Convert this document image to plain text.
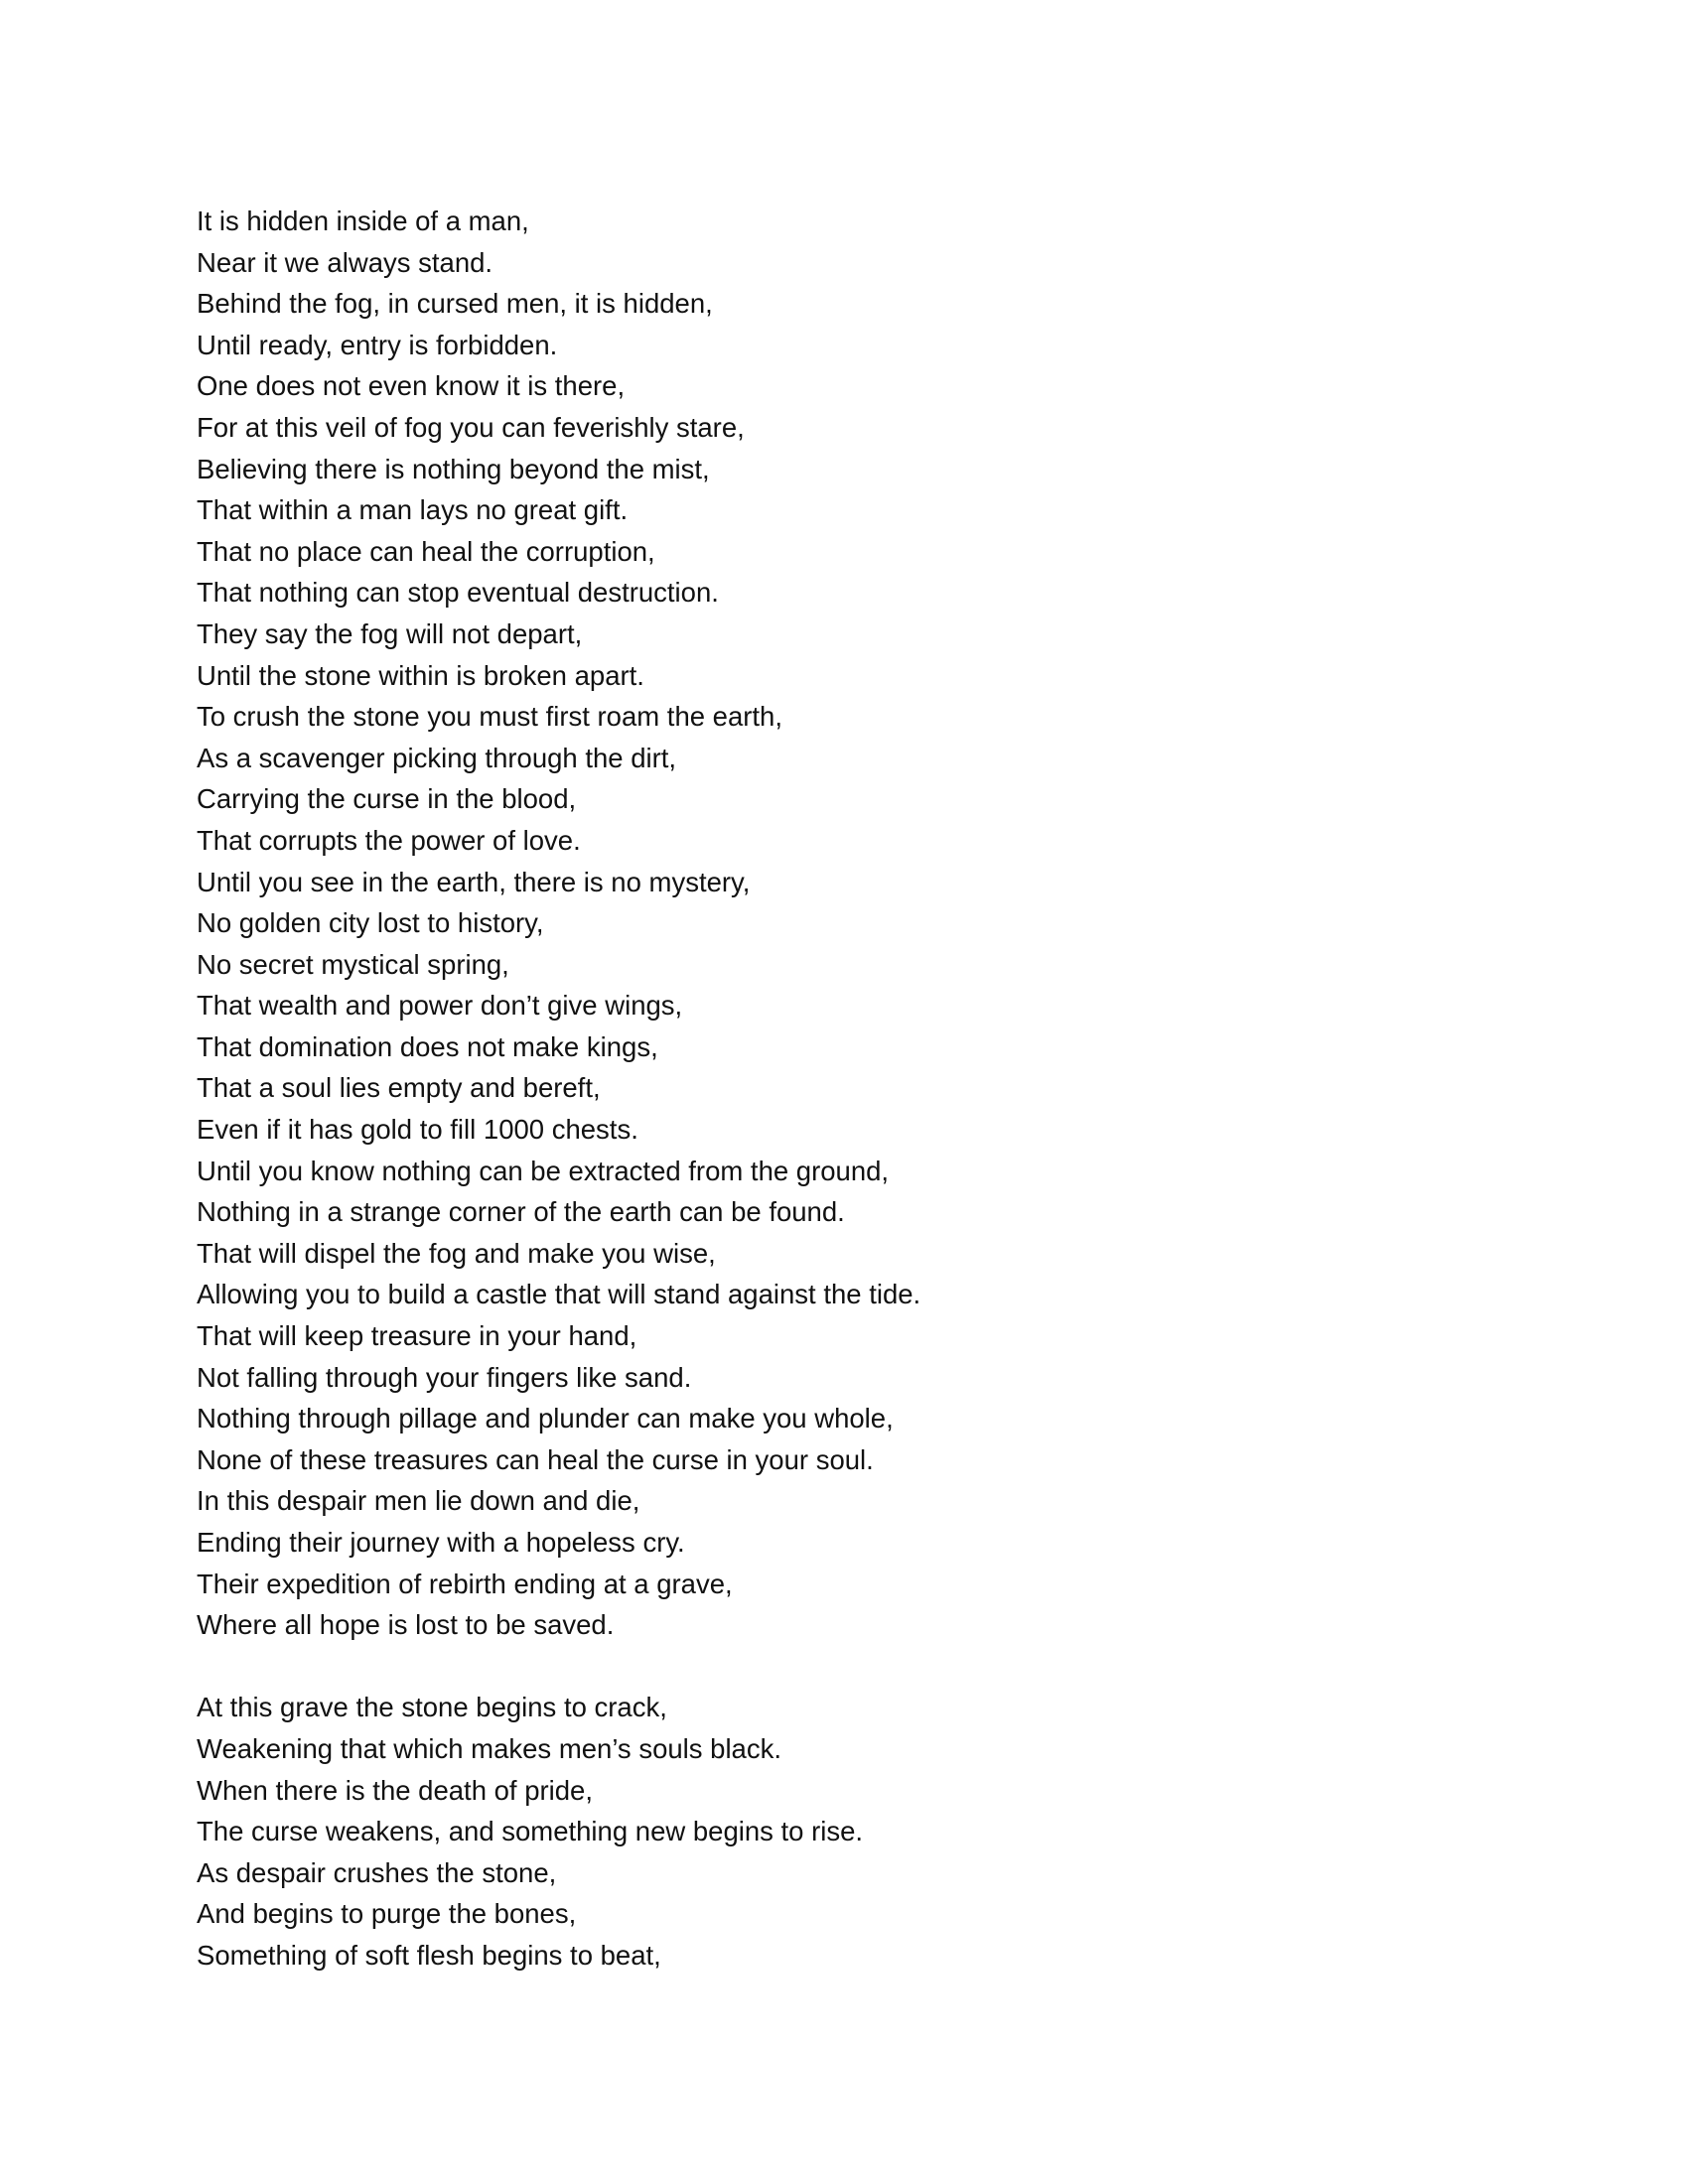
It is hidden inside of a man,
Near it we always stand.
Behind the fog, in cursed men, it is hidden,
Until ready, entry is forbidden.
One does not even know it is there,
For at this veil of fog you can feverishly stare,
Believing there is nothing beyond the mist,
That within a man lays no great gift.
That no place can heal the corruption,
That nothing can stop eventual destruction.
They say the fog will not depart,
Until the stone within is broken apart.
To crush the stone you must first roam the earth,
As a scavenger picking through the dirt,
Carrying the curse in the blood,
That corrupts the power of love.
Until you see in the earth, there is no mystery,
No golden city lost to history,
No secret mystical spring,
That wealth and power don’t give wings,
That domination does not make kings,
That a soul lies empty and bereft,
Even if it has gold to fill 1000 chests.
Until you know nothing can be extracted from the ground,
Nothing in a strange corner of the earth can be found.
That will dispel the fog and make you wise,
Allowing you to build a castle that will stand against the tide.
That will keep treasure in your hand,
Not falling through your fingers like sand.
Nothing through pillage and plunder can make you whole,
None of these treasures can heal the curse in your soul.
In this despair men lie down and die,
Ending their journey with a hopeless cry.
Their expedition of rebirth ending at a grave,
Where all hope is lost to be saved.
At this grave the stone begins to crack,
Weakening that which makes men’s souls black.
When there is the death of pride,
The curse weakens, and something new begins to rise.
As despair crushes the stone,
And begins to purge the bones,
Something of soft flesh begins to beat,
